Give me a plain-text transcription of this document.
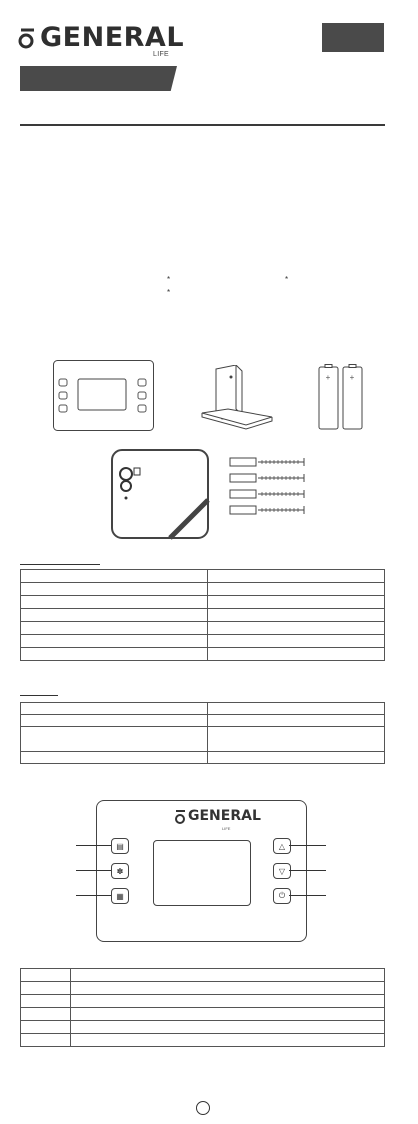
GENERAL
LIFE
*	*
*
+ +

GENERAL
LIFE
▤
✽
▦
△
▽
⏻
